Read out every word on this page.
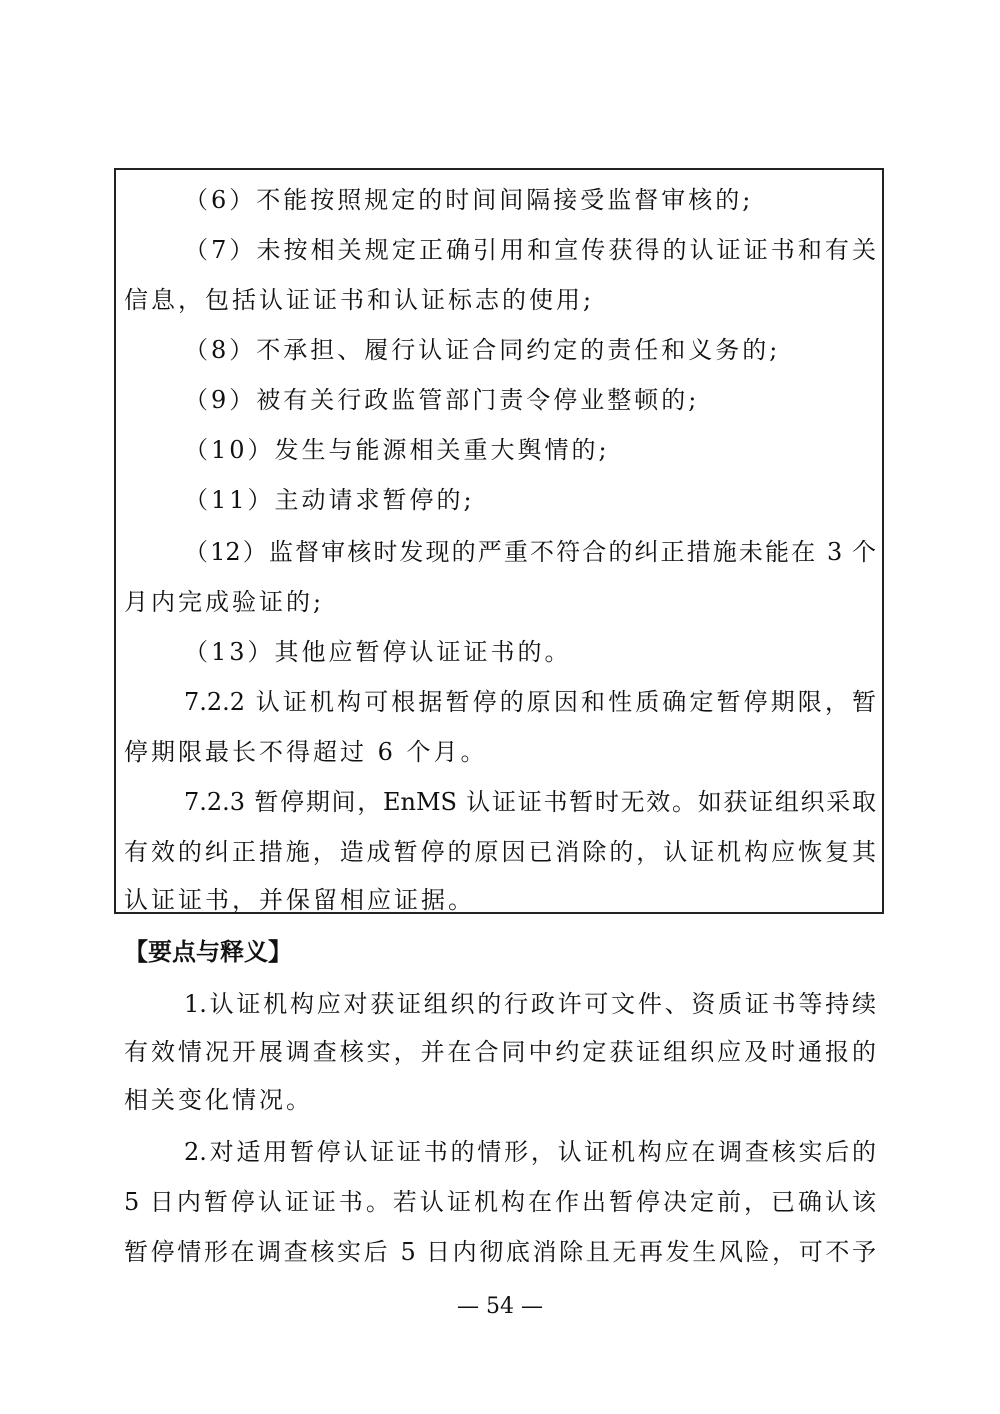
（6）不能按照规定的时间间隔接受监督审核的;
（7）未按相关规定正确引用和宣传获得的认证证书和有关
信息，包括认证证书和认证标志的使用;
（8）不承担、履行认证合同约定的责任和义务的;
（9）被有关行政监管部门责令停业整顿的;
（10）发生与能源相关重大舆情的;
（11）主动请求暂停的;
（12）监督审核时发现的严重不符合的纠正措施未能在 3 个
月内完成验证的;
（13）其他应暂停认证证书的。
7.2.2 认证机构可根据暂停的原因和性质确定暂停期限，暂
停期限最长不得超过 6 个月。
7.2.3 暂停期间，EnMS 认证证书暂时无效。如获证组织采取
有效的纠正措施，造成暂停的原因已消除的，认证机构应恢复其
认证证书，并保留相应证据。
【要点与释义】
1.认证机构应对获证组织的行政许可文件、资质证书等持续
有效情况开展调查核实，并在合同中约定获证组织应及时通报的
相关变化情况。
2.对适用暂停认证证书的情形，认证机构应在调查核实后的
5 日内暂停认证证书。若认证机构在作出暂停决定前，已确认该
暂停情形在调查核实后 5 日内彻底消除且无再发生风险，可不予
— 54 —
